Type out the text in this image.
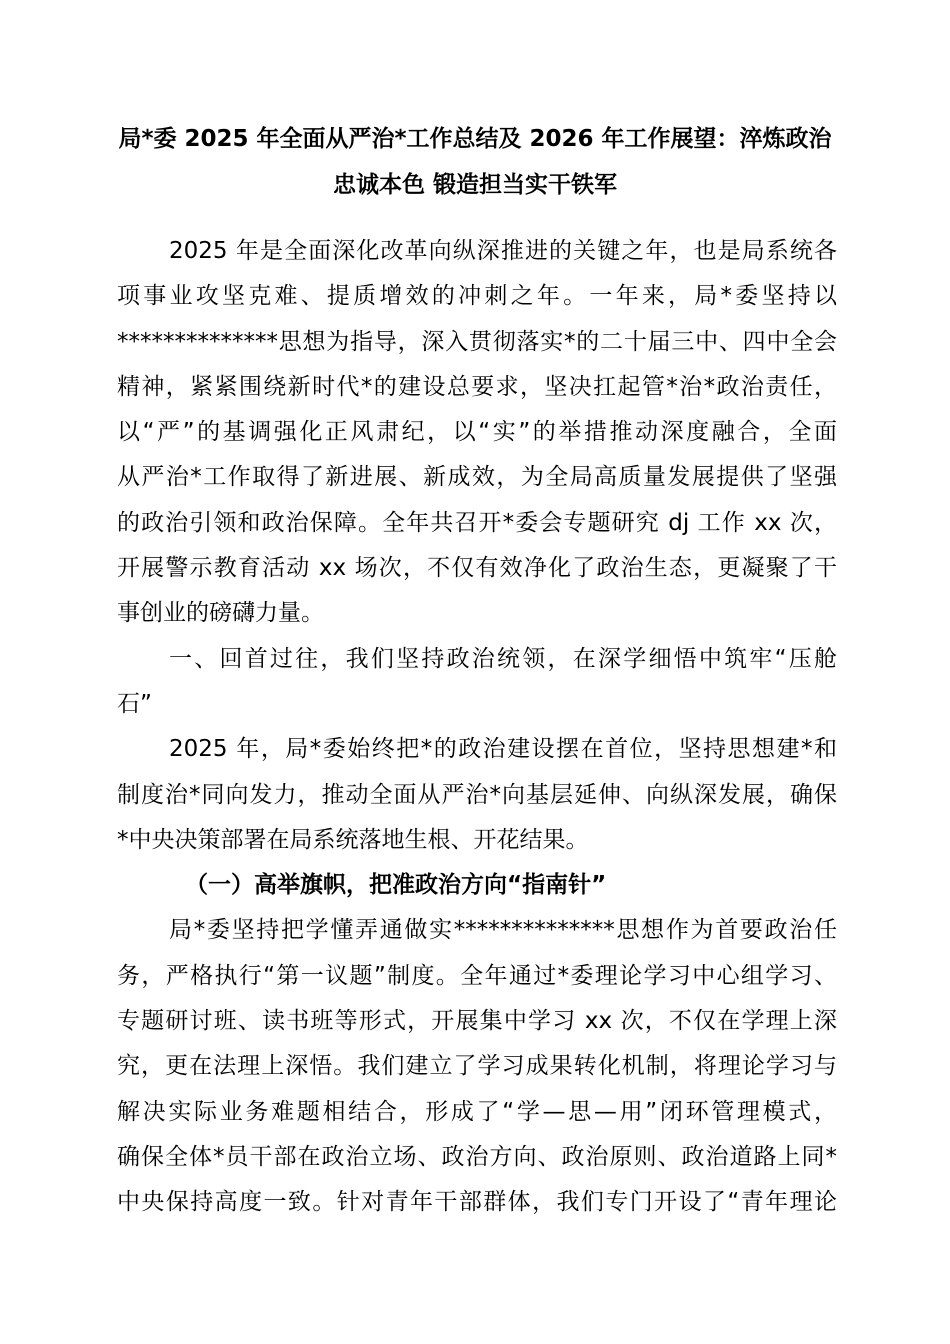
局*委 2025 年全面从严治*工作总结及 2026 年工作展望：淬炼政治
忠诚本色 锻造担当实干铁军
2025 年是全面深化改革向纵深推进的关键之年，也是局系统各
项事业攻坚克难、提质增效的冲刺之年。一年来，局*委坚持以
**************思想为指导，深入贯彻落实*的二十届三中、四中全会
精神，紧紧围绕新时代*的建设总要求，坚决扛起管*治*政治责任，
以“严”的基调强化正风肃纪，以“实”的举措推动深度融合，全面
从严治*工作取得了新进展、新成效，为全局高质量发展提供了坚强
的政治引领和政治保障。全年共召开*委会专题研究 dj 工作 xx 次，
开展警示教育活动 xx 场次，不仅有效净化了政治生态，更凝聚了干
事创业的磅礴力量。
一、回首过往，我们坚持政治统领，在深学细悟中筑牢“压舱
石”
2025 年，局*委始终把*的政治建设摆在首位，坚持思想建*和
制度治*同向发力，推动全面从严治*向基层延伸、向纵深发展，确保
*中央决策部署在局系统落地生根、开花结果。
（一）高举旗帜，把准政治方向“指南针”
局*委坚持把学懂弄通做实**************思想作为首要政治任
务，严格执行“第一议题”制度。全年通过*委理论学习中心组学习、
专题研讨班、读书班等形式，开展集中学习 xx 次，不仅在学理上深
究，更在法理上深悟。我们建立了学习成果转化机制，将理论学习与
解决实际业务难题相结合，形成了“学—思—用”闭环管理模式，
确保全体*员干部在政治立场、政治方向、政治原则、政治道路上同*
中央保持高度一致。针对青年干部群体，我们专门开设了“青年理论
